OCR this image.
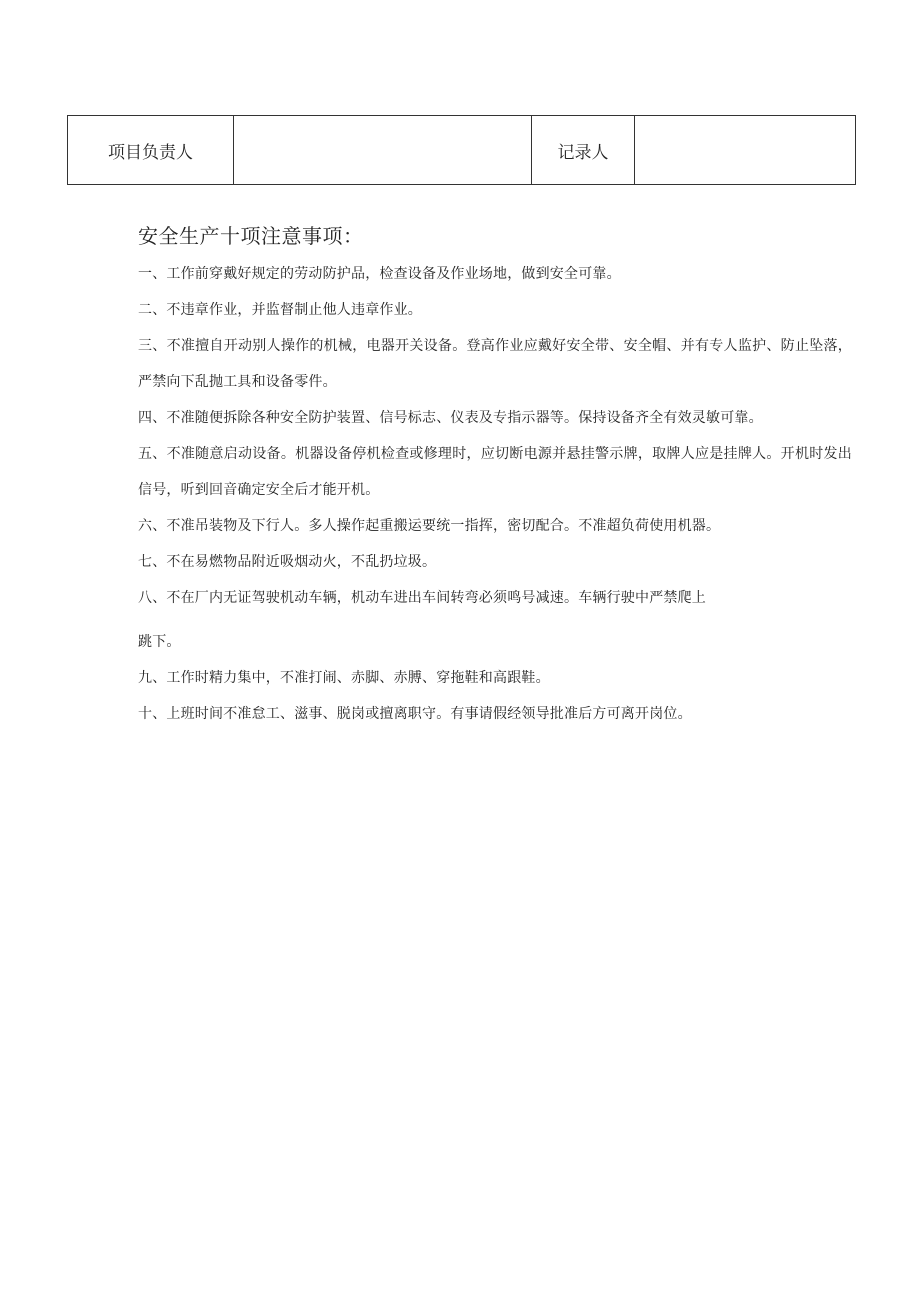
项目负责人		记录人	
安全生产十项注意事项：

一、工作前穿戴好规定的劳动防护品，检查设备及作业场地，做到安全可靠。

二、不违章作业，并监督制止他人违章作业。

三、不准擅自开动别人操作的机械，电器开关设备。登高作业应戴好安全带、安全帽、并有专人监护、防止坠落，严禁向下乱抛工具和设备零件。

四、不准随便拆除各种安全防护装置、信号标志、仪表及专指示器等。保持设备齐全有效灵敏可靠。

五、不准随意启动设备。机器设备停机检查或修理时，应切断电源并悬挂警示牌，取牌人应是挂牌人。开机时发出信号，听到回音确定安全后才能开机。

六、不准吊装物及下行人。多人操作起重搬运要统一指挥，密切配合。不准超负荷使用机器。

七、不在易燃物品附近吸烟动火，不乱扔垃圾。

八、不在厂内无证驾驶机动车辆，机动车进出车间转弯必须鸣号减速。车辆行驶中严禁爬上

跳下。

九、工作时精力集中，不准打闹、赤脚、赤膊、穿拖鞋和高跟鞋。

十、上班时间不准怠工、滋事、脱岗或擅离职守。有事请假经领导批准后方可离开岗位。
